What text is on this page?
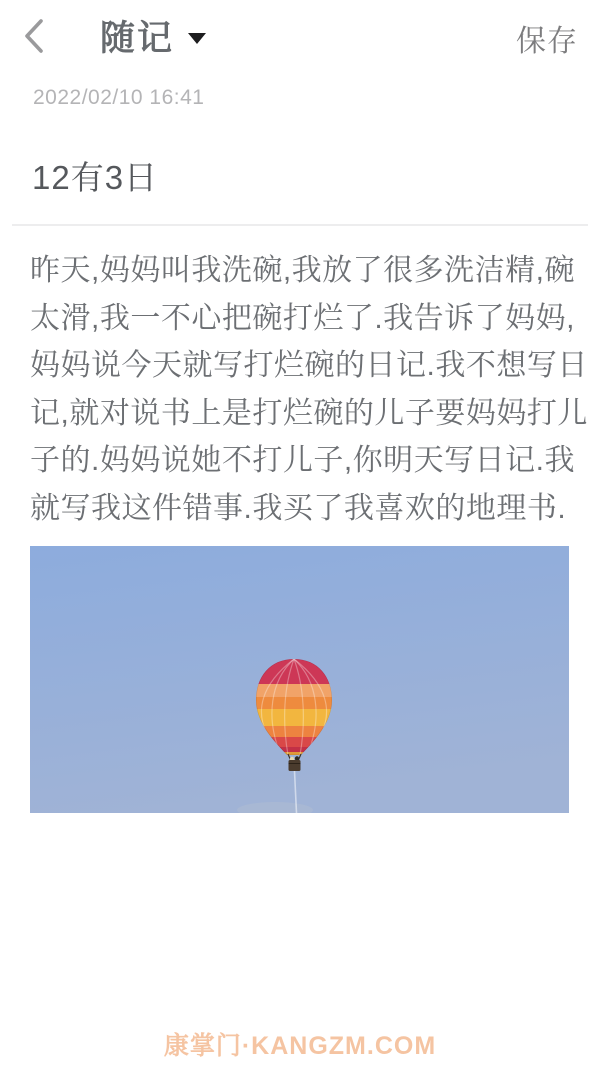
随记	保存
2022/02/10 16:41
12有3日
昨天,妈妈叫我洗碗,我放了很多洗洁精,碗
太滑,我一不心把碗打烂了.我告诉了妈妈,
妈妈说今天就写打烂碗的日记.我不想写日
记,就对说书上是打烂碗的儿子要妈妈打儿
子的.妈妈说她不打儿子,你明天写日记.我
就写我这件错事.我买了我喜欢的地理书.
康掌门·KANGZM.COM
